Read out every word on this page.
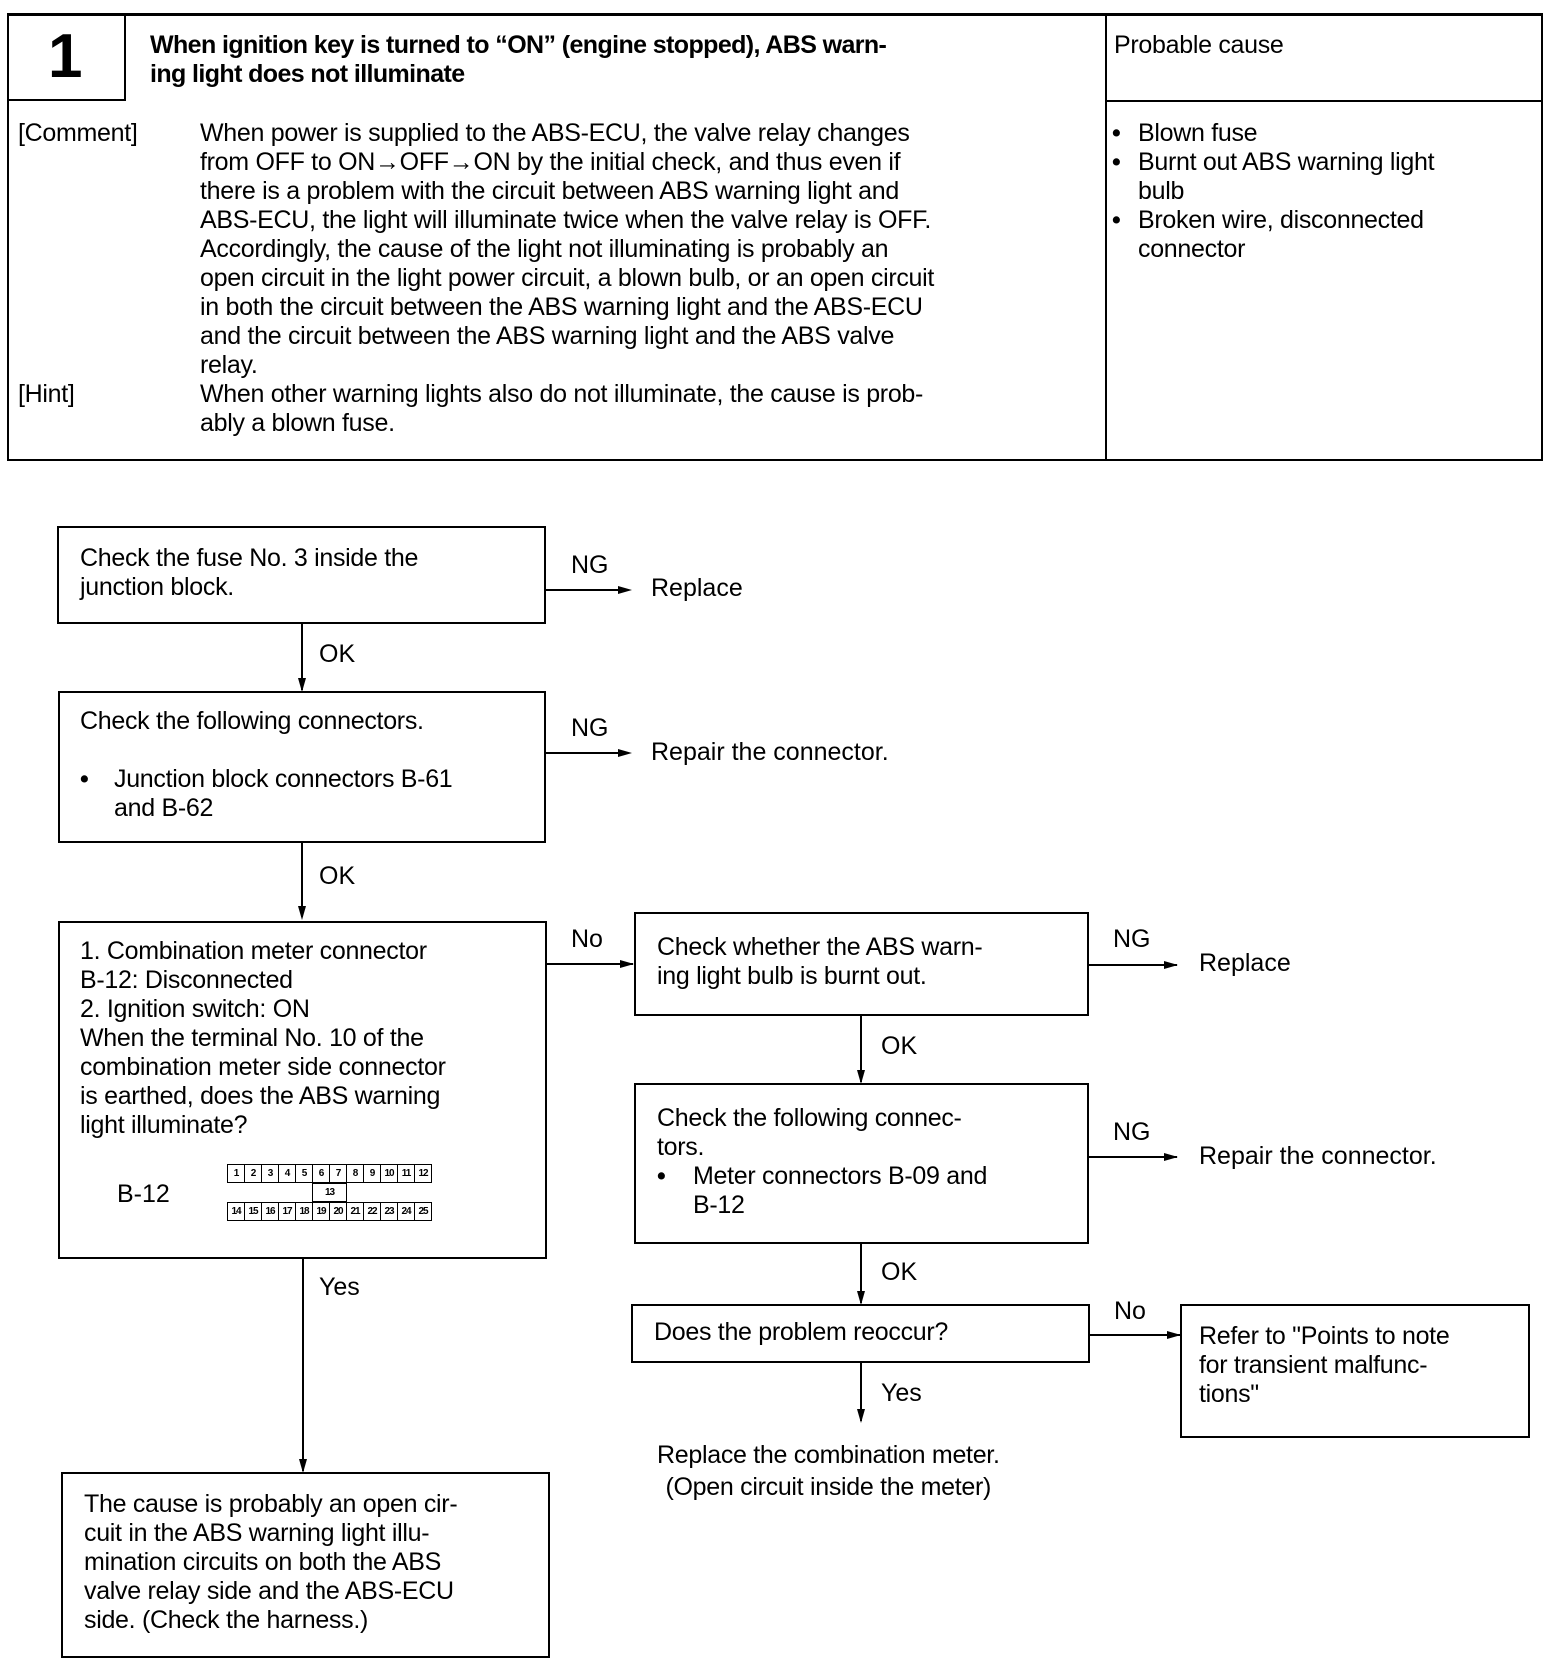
1	When ignition key is turned to “ON” (engine stopped), ABS warn-
ing light does not illuminate
Probable cause
[Comment] When power is supplied to the ABS-ECU, the valve relay changes
from OFF to ON→OFF→ON by the initial check, and thus even if
there is a problem with the circuit between ABS warning light and
ABS-ECU, the light will illuminate twice when the valve relay is OFF.
Accordingly, the cause of the light not illuminating is probably an
open circuit in the light power circuit, a blown bulb, or an open circuit
in both the circuit between the ABS warning light and the ABS-ECU
and the circuit between the ABS warning light and the ABS valve
relay.
[Hint]	When other warning lights also do not illuminate, the cause is prob-
ably a blown fuse.
• Blown fuse
• Burnt out ABS warning light
bulb
• Broken wire, disconnected
connector
Check the fuse No. 3 inside the
junction block.
NG
Replace
OK
Check the following connectors.
• Junction block connectors B-61
and B-62
NG
Repair the connector.
OK
1. Combination meter connector
B-12: Disconnected
2. Ignition switch: ON
When the terminal No. 10 of the
combination meter side connector
is earthed, does the ABS warning
light illuminate?
B-12
1	2	3	4	5	6	7	8	9	10 11 12
13
14 15 16 17 18 19 20 21 22 23 24 25
No
Yes
The cause is probably an open cir-
cuit in the ABS warning light illu-
mination circuits on both the ABS
valve relay side and the ABS-ECU
side. (Check the harness.)
Check whether the ABS warn-
ing light bulb is burnt out.
NG
Replace
OK
Check the following connec-
tors.
• Meter connectors B-09 and
B-12
NG
Repair the connector.
OK
Does the problem reoccur?
No
Refer to "Points to note
for transient malfunc-
tions"
Yes
Replace the combination meter.
(Open circuit inside the meter)
